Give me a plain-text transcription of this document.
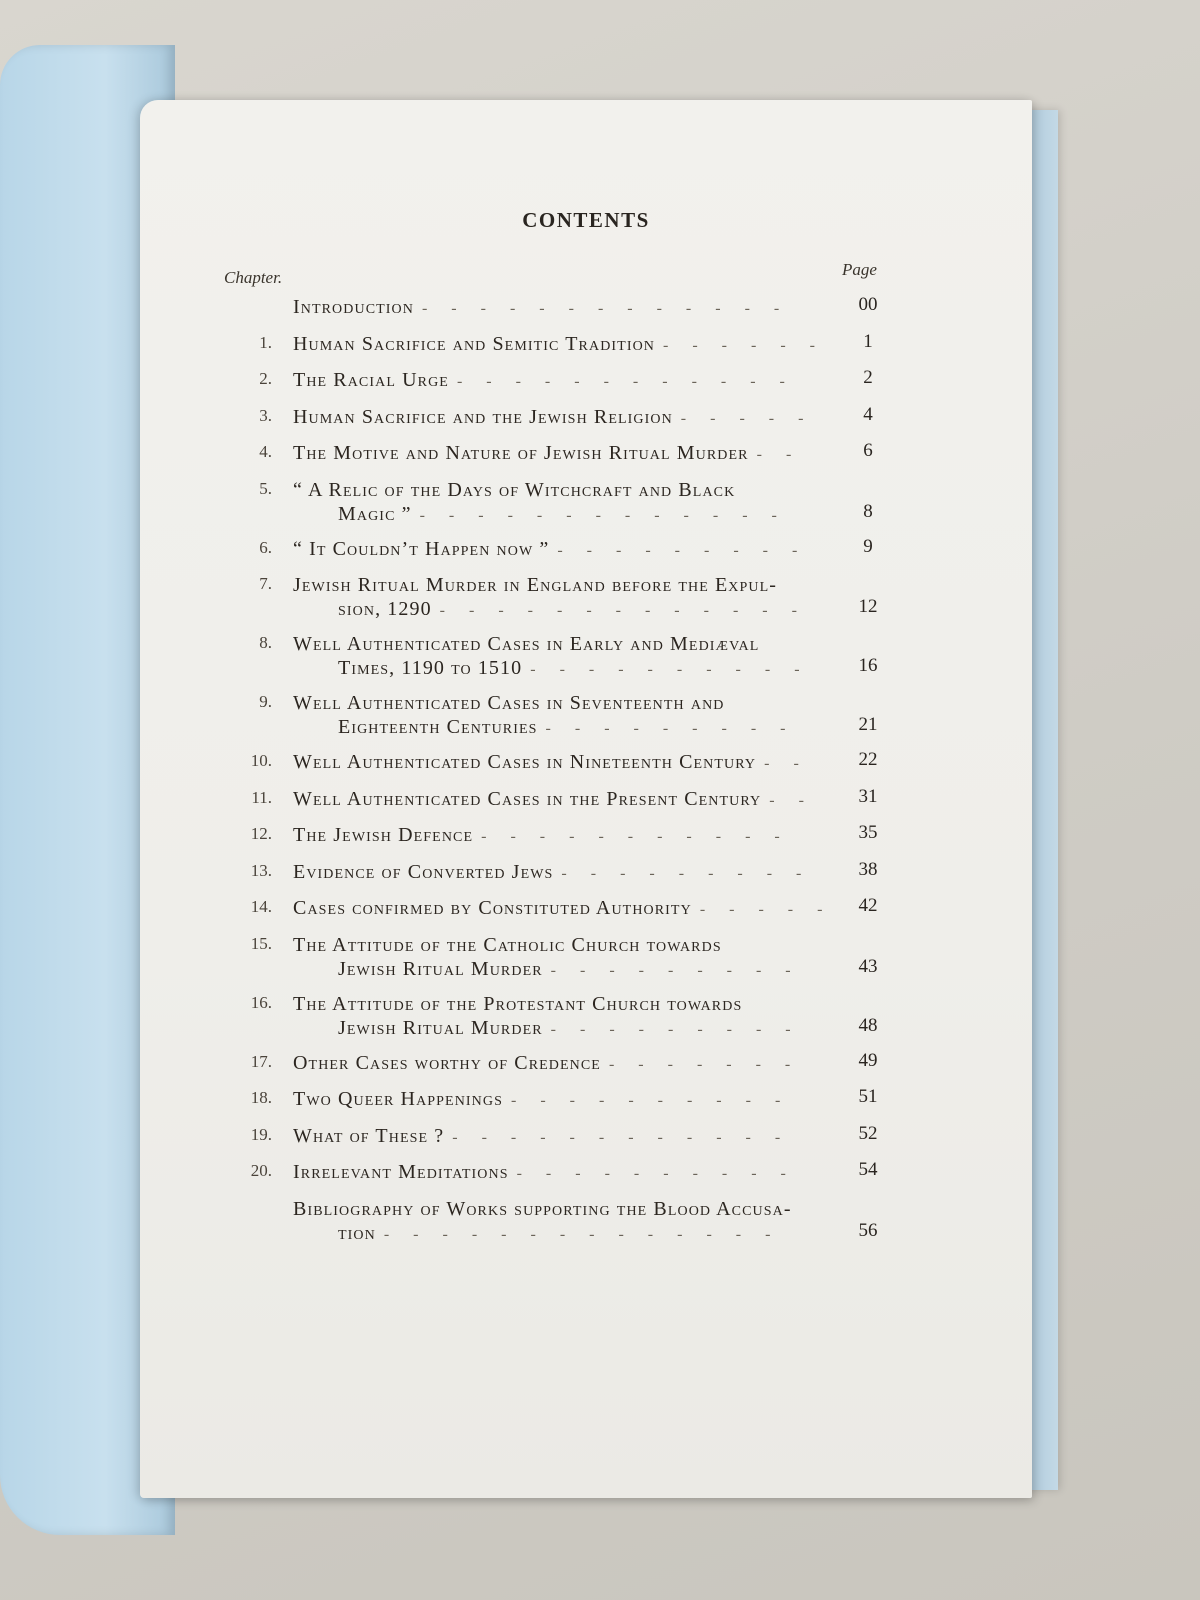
CONTENTS
Chapter.	Page
Introduction -      -      -      -      -      -      -      -      -      -      -      -      -	00
1. Human Sacrifice and Semitic Tradition -      -      -      -      -      -	1
2. The Racial Urge -      -      -      -      -      -      -      -      -      -      -      -	2
3. Human Sacrifice and the Jewish Religion -      -      -      -      -	4
4. The Motive and Nature of Jewish Ritual Murder -      -	6
5. “ A Relic of the Days of Witchcraft and Black
Magic ” -      -      -      -      -      -      -      -      -      -      -      -      -	8
6. “ It Couldn’t Happen now ” -      -      -      -      -      -      -      -      -	9
7. Jewish Ritual Murder in England before the Expul-
sion, 1290 -      -      -      -      -      -      -      -      -      -      -      -      -	12
8. Well Authenticated Cases in Early and Mediæval
Times, 1190 to 1510 -      -      -      -      -      -      -      -      -      -	16
9. Well Authenticated Cases in Seventeenth and
Eighteenth Centuries -      -      -      -      -      -      -      -      -	21
10. Well Authenticated Cases in Nineteenth Century -      -	22
11. Well Authenticated Cases in the Present Century -      -	31
12. The Jewish Defence -      -      -      -      -      -      -      -      -      -      -	35
13. Evidence of Converted Jews -      -      -      -      -      -      -      -      -	38
14. Cases confirmed by Constituted Authority -      -      -      -      -	42
15. The Attitude of the Catholic Church towards
Jewish Ritual Murder -      -      -      -      -      -      -      -      -	43
16. The Attitude of the Protestant Church towards
Jewish Ritual Murder -      -      -      -      -      -      -      -      -	48
17. Other Cases worthy of Credence -      -      -      -      -      -      -	49
18. Two Queer Happenings -      -      -      -      -      -      -      -      -      -	51
19. What of These ? -      -      -      -      -      -      -      -      -      -      -      -	52
20. Irrelevant Meditations -      -      -      -      -      -      -      -      -      -	54
Bibliography of Works supporting the Blood Accusa-
tion -      -      -      -      -      -      -      -      -      -      -      -      -      -	56
